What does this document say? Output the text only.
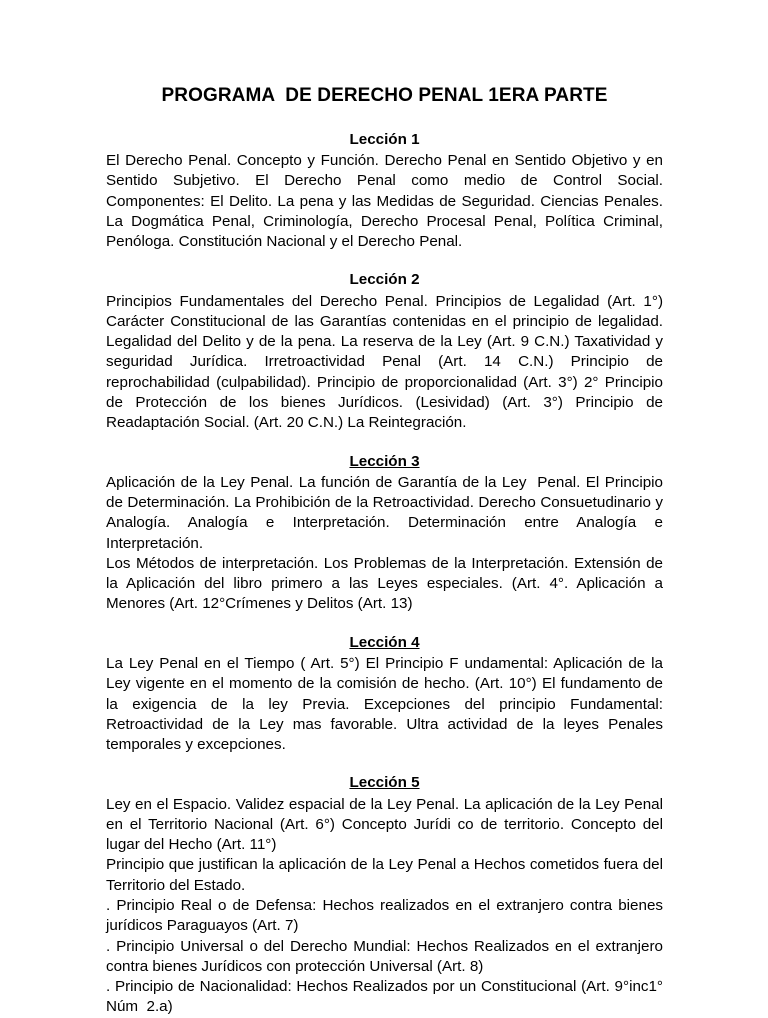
PROGRAMA  DE DERECHO PENAL 1ERA PARTE
Lección 1

El Derecho Penal. Concepto y Función. Derecho Penal en Sentido Objetivo y en Sentido Subjetivo. El Derecho Penal como medio de Control Social. Componentes: El Delito. La pena y las Medidas de Seguridad. Ciencias Penales. La Dogmática Penal, Criminología, Derecho Procesal Penal, Política Criminal, Penóloga. Constitución Nacional y el Derecho Penal.

Lección 2

Principios Fundamentales del Derecho Penal. Principios de Legalidad (Art. 1°) Carácter Constitucional de las Garantías contenidas en el principio de legalidad. Legalidad del Delito y de la pena. La reserva de la Ley (Art. 9 C.N.) Taxatividad y seguridad Jurídica. Irretroactividad Penal (Art. 14 C.N.) Principio de reprochabilidad (culpabilidad). Principio de proporcionalidad (Art. 3°) 2° Principio de Protección de los bienes Jurídicos. (Lesividad) (Art. 3°) Principio de Readaptación Social. (Art. 20 C.N.) La Reintegración.

Lección 3

Aplicación de la Ley Penal. La función de Garantía de la Ley  Penal. El Principio de Determinación. La Prohibición de la Retroactividad. Derecho Consuetudinario y Analogía. Analogía e Interpretación. Determinación entre Analogía e Interpretación.

Los Métodos de interpretación. Los Problemas de la Interpretación. Extensión de la Aplicación del libro primero a las Leyes especiales. (Art. 4°. Aplicación a Menores (Art. 12°Crímenes y Delitos (Art. 13)

Lección 4

La Ley Penal en el Tiempo ( Art. 5°) El Principio F undamental: Aplicación de la Ley vigente en el momento de la comisión de hecho. (Art. 10°) El fundamento de la exigencia de la ley Previa. Excepciones del principio Fundamental: Retroactividad de la Ley mas favorable. Ultra actividad de la leyes Penales temporales y excepciones.

Lección 5

Ley en el Espacio. Validez espacial de la Ley Penal. La aplicación de la Ley Penal en el Territorio Nacional (Art. 6°) Concepto Jurídi co de territorio. Concepto del lugar del Hecho (Art. 11°)

Principio que justifican la aplicación de la Ley Penal a Hechos cometidos fuera del Territorio del Estado.

. Principio Real o de Defensa: Hechos realizados en el extranjero contra bienes jurídicos Paraguayos (Art. 7)

. Principio Universal o del Derecho Mundial: Hechos Realizados en el extranjero contra bienes Jurídicos con protección Universal (Art. 8)

. Principio de Nacionalidad: Hechos Realizados por un Constitucional (Art. 9°inc1° Núm  2.a)
